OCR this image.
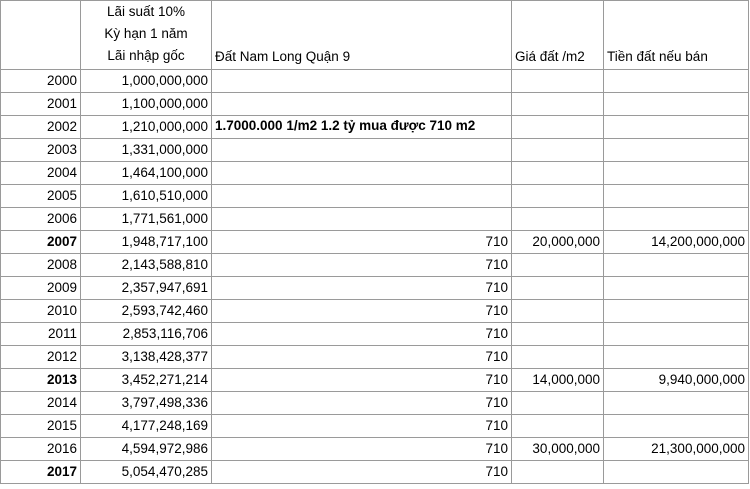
	Lãi suất 10%
Kỳ hạn 1 năm
Lãi nhập gốc	Đất Nam Long Quận 9	Giá đất /m2	Tiền đất nếu bán
2000	1,000,000,000			
2001	1,100,000,000			
2002	1,210,000,000	1.7000.000 1/m2 1.2 tỷ mua được 710 m2		

2003	1,331,000,000			
2004	1,464,100,000			
2005	1,610,510,000			
2006	1,771,561,000			
2007	1,948,717,100	710	20,000,000	14,200,000,000
2008	2,143,588,810	710		
2009	2,357,947,691	710		
2010	2,593,742,460	710		
2011	2,853,116,706	710		
2012	3,138,428,377	710		
2013	3,452,271,214	710	14,000,000	9,940,000,000
2014	3,797,498,336	710		
2015	4,177,248,169	710		
2016	4,594,972,986	710	30,000,000	21,300,000,000
2017	5,054,470,285	710		
